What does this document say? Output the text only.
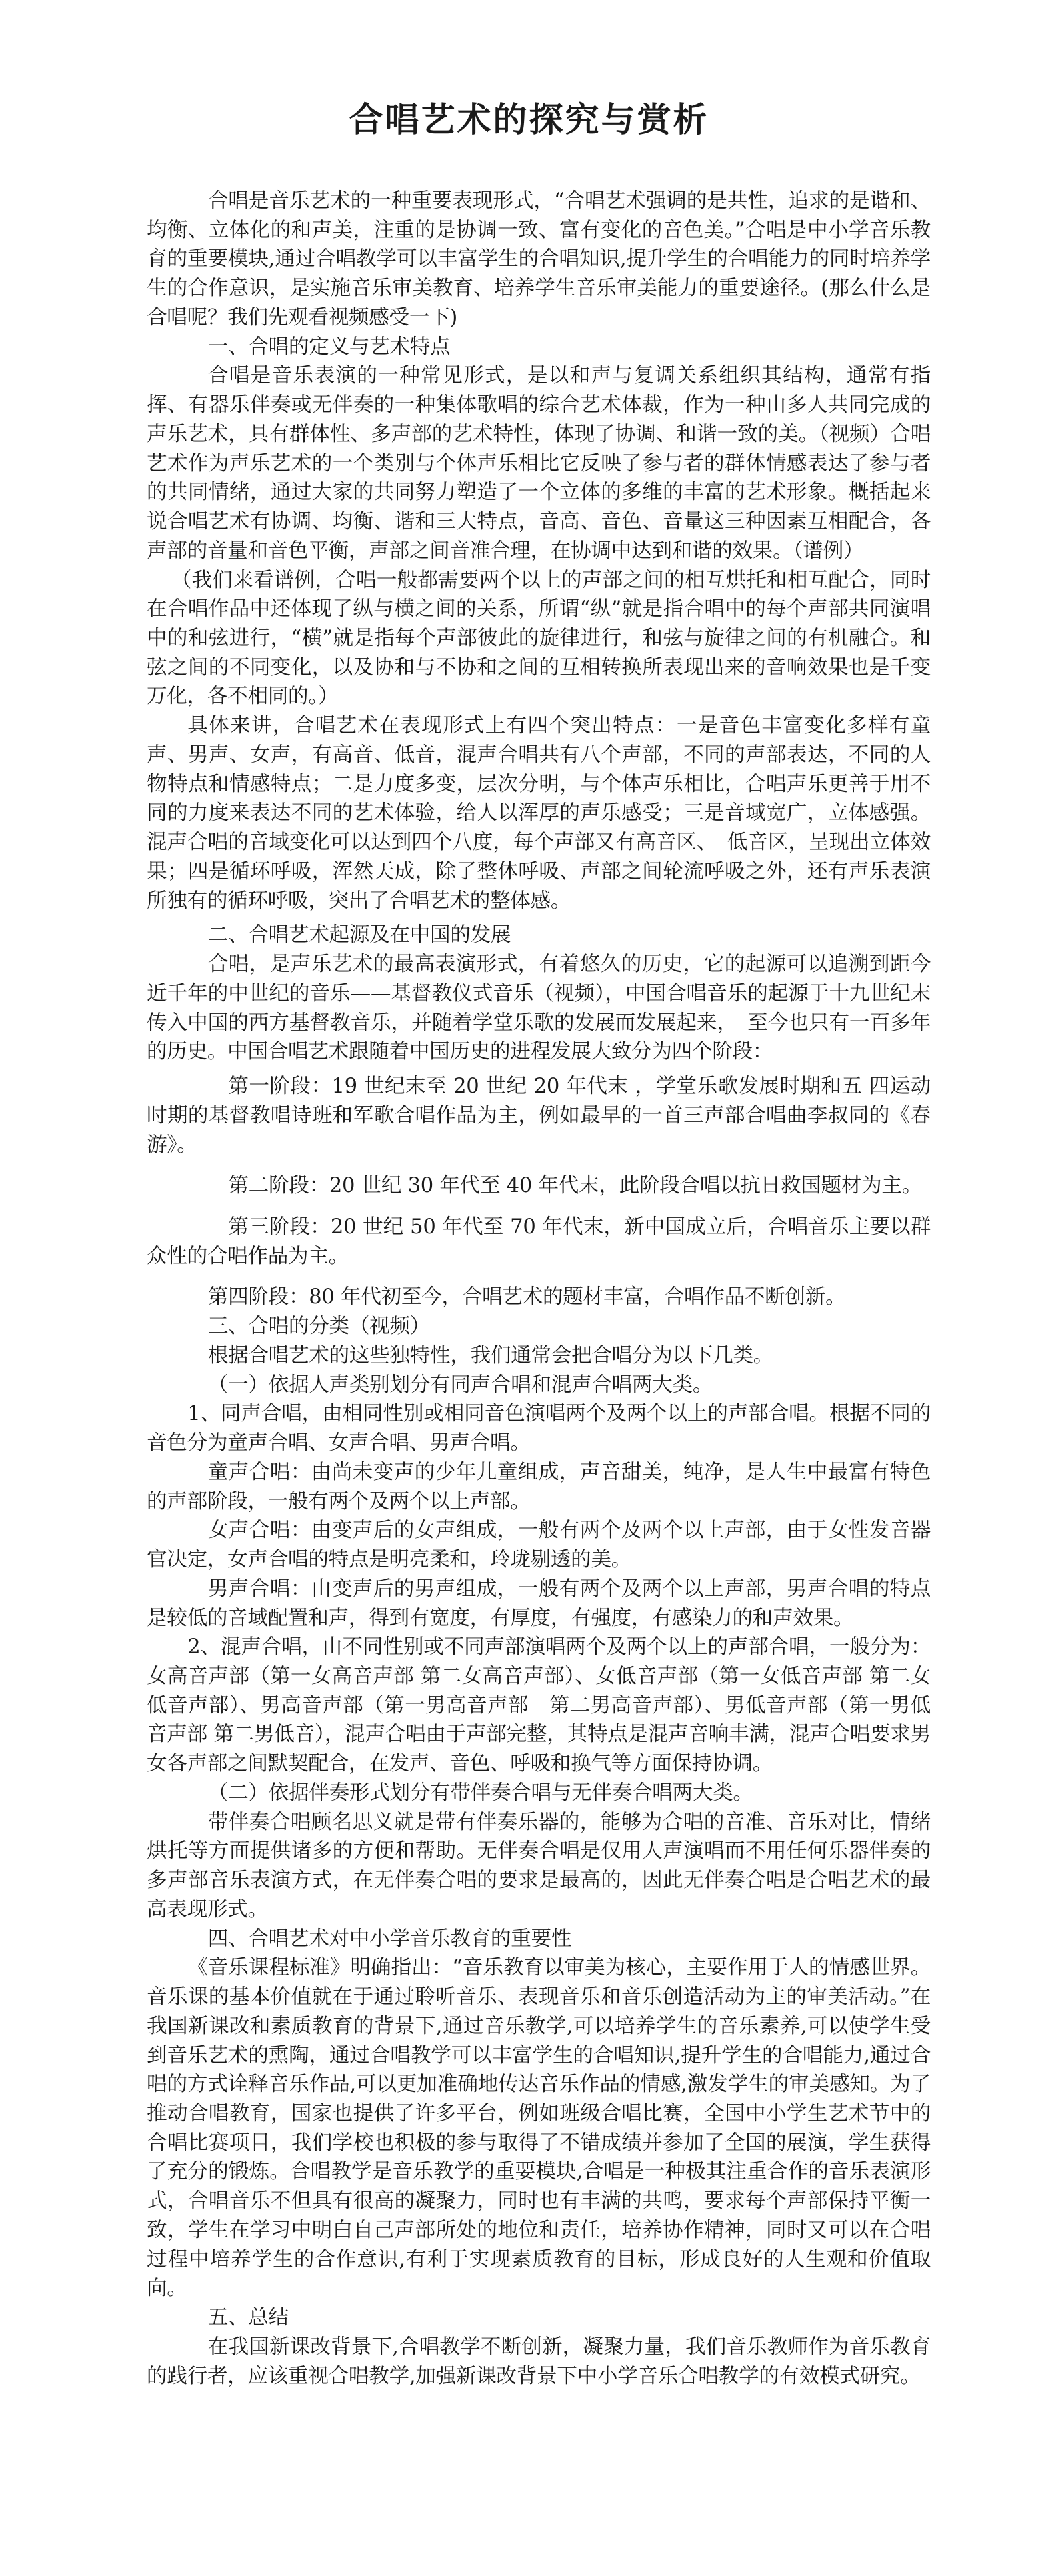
合唱艺术的探究与赏析

合唱是音乐艺术的一种重要表现形式，“合唱艺术强调的是共性，追求的是谐和、均衡、立体化的和声美，注重的是协调一致、富有变化的音色美。”合唱是中小学音乐教育的重要模块,通过合唱教学可以丰富学生的合唱知识,提升学生的合唱能力的同时培养学生的合作意识，是实施音乐审美教育、培养学生音乐审美能力的重要途径。(那么什么是合唱呢？我们先观看视频感受一下)

一、合唱的定义与艺术特点

合唱是音乐表演的一种常见形式，是以和声与复调关系组织其结构，通常有指挥、有器乐伴奏或无伴奏的一种集体歌唱的综合艺术体裁，作为一种由多人共同完成的声乐艺术，具有群体性、多声部的艺术特性，体现了协调、和谐一致的美。（视频）合唱艺术作为声乐艺术的一个类别与个体声乐相比它反映了参与者的群体情感表达了参与者的共同情绪，通过大家的共同努力塑造了一个立体的多维的丰富的艺术形象。概括起来说合唱艺术有协调、均衡、谐和三大特点，音高、音色、音量这三种因素互相配合，各声部的音量和音色平衡，声部之间音准合理，在协调中达到和谐的效果。（谱例）

（我们来看谱例，合唱一般都需要两个以上的声部之间的相互烘托和相互配合，同时在合唱作品中还体现了纵与横之间的关系，所谓“纵”就是指合唱中的每个声部共同演唱中的和弦进行，“横”就是指每个声部彼此的旋律进行，和弦与旋律之间的有机融合。和弦之间的不同变化，以及协和与不协和之间的互相转换所表现出来的音响效果也是千变万化，各不相同的。）

具体来讲，合唱艺术在表现形式上有四个突出特点：一是音色丰富变化多样有童声、男声、女声，有高音、低音，混声合唱共有八个声部，不同的声部表达，不同的人物特点和情感特点；二是力度多变，层次分明，与个体声乐相比，合唱声乐更善于用不同的力度来表达不同的艺术体验，给人以浑厚的声乐感受；三是音域宽广，立体感强。混声合唱的音域变化可以达到四个八度，每个声部又有高音区、　低音区，呈现出立体效果；四是循环呼吸，浑然天成，除了整体呼吸、声部之间轮流呼吸之外，还有声乐表演所独有的循环呼吸，突出了合唱艺术的整体感。

二、合唱艺术起源及在中国的发展

合唱，是声乐艺术的最高表演形式，有着悠久的历史，它的起源可以追溯到距今近千年的中世纪的音乐——基督教仪式音乐（视频），中国合唱音乐的起源于十九世纪末传入中国的西方基督教音乐，并随着学堂乐歌的发展而发展起来，　至今也只有一百多年的历史。中国合唱艺术跟随着中国历史的进程发展大致分为四个阶段：

第一阶段：19 世纪末至 20 世纪 20 年代末 ，学堂乐歌发展时期和五 四运动时期的基督教唱诗班和军歌合唱作品为主，例如最早的一首三声部合唱曲李叔同的《春游》。

第二阶段：20 世纪 30 年代至 40 年代末，此阶段合唱以抗日救国题材为主。

第三阶段：20 世纪 50 年代至 70 年代末，新中国成立后，合唱音乐主要以群众性的合唱作品为主。

第四阶段：80 年代初至今，合唱艺术的题材丰富，合唱作品不断创新。

三、合唱的分类（视频）

根据合唱艺术的这些独特性，我们通常会把合唱分为以下几类。

（一）依据人声类别划分有同声合唱和混声合唱两大类。

1、同声合唱，由相同性别或相同音色演唱两个及两个以上的声部合唱。根据不同的音色分为童声合唱、女声合唱、男声合唱。

童声合唱：由尚未变声的少年儿童组成，声音甜美，纯净，是人生中最富有特色的声部阶段，一般有两个及两个以上声部。

女声合唱：由变声后的女声组成，一般有两个及两个以上声部，由于女性发音器官决定，女声合唱的特点是明亮柔和，玲珑剔透的美。

男声合唱：由变声后的男声组成，一般有两个及两个以上声部，男声合唱的特点是较低的音域配置和声，得到有宽度，有厚度，有强度，有感染力的和声效果。

2、混声合唱，由不同性别或不同声部演唱两个及两个以上的声部合唱，一般分为：女高音声部（第一女高音声部 第二女高音声部）、女低音声部（第一女低音声部 第二女低音声部）、男高音声部（第一男高音声部　第二男高音声部）、男低音声部（第一男低音声部 第二男低音），混声合唱由于声部完整，其特点是混声音响丰满，混声合唱要求男女各声部之间默契配合，在发声、音色、呼吸和换气等方面保持协调。

（二）依据伴奏形式划分有带伴奏合唱与无伴奏合唱两大类。

带伴奏合唱顾名思义就是带有伴奏乐器的，能够为合唱的音准、音乐对比，情绪烘托等方面提供诸多的方便和帮助。无伴奏合唱是仅用人声演唱而不用任何乐器伴奏的多声部音乐表演方式，在无伴奏合唱的要求是最高的，因此无伴奏合唱是合唱艺术的最高表现形式。

四、合唱艺术对中小学音乐教育的重要性

《音乐课程标准》明确指出：“音乐教育以审美为核心，主要作用于人的情感世界。音乐课的基本价值就在于通过聆听音乐、表现音乐和音乐创造活动为主的审美活动。”在我国新课改和素质教育的背景下,通过音乐教学,可以培养学生的音乐素养,可以使学生受到音乐艺术的熏陶，通过合唱教学可以丰富学生的合唱知识,提升学生的合唱能力,通过合唱的方式诠释音乐作品,可以更加准确地传达音乐作品的情感,激发学生的审美感知。为了推动合唱教育，国家也提供了许多平台，例如班级合唱比赛，全国中小学生艺术节中的合唱比赛项目，我们学校也积极的参与取得了不错成绩并参加了全国的展演，学生获得了充分的锻炼。合唱教学是音乐教学的重要模块,合唱是一种极其注重合作的音乐表演形式，合唱音乐不但具有很高的凝聚力，同时也有丰满的共鸣，要求每个声部保持平衡一致，学生在学习中明白自己声部所处的地位和责任，培养协作精神，同时又可以在合唱过程中培养学生的合作意识,有利于实现素质教育的目标，形成良好的人生观和价值取向。

五、总结

在我国新课改背景下,合唱教学不断创新，凝聚力量，我们音乐教师作为音乐教育的践行者，应该重视合唱教学,加强新课改背景下中小学音乐合唱教学的有效模式研究。
